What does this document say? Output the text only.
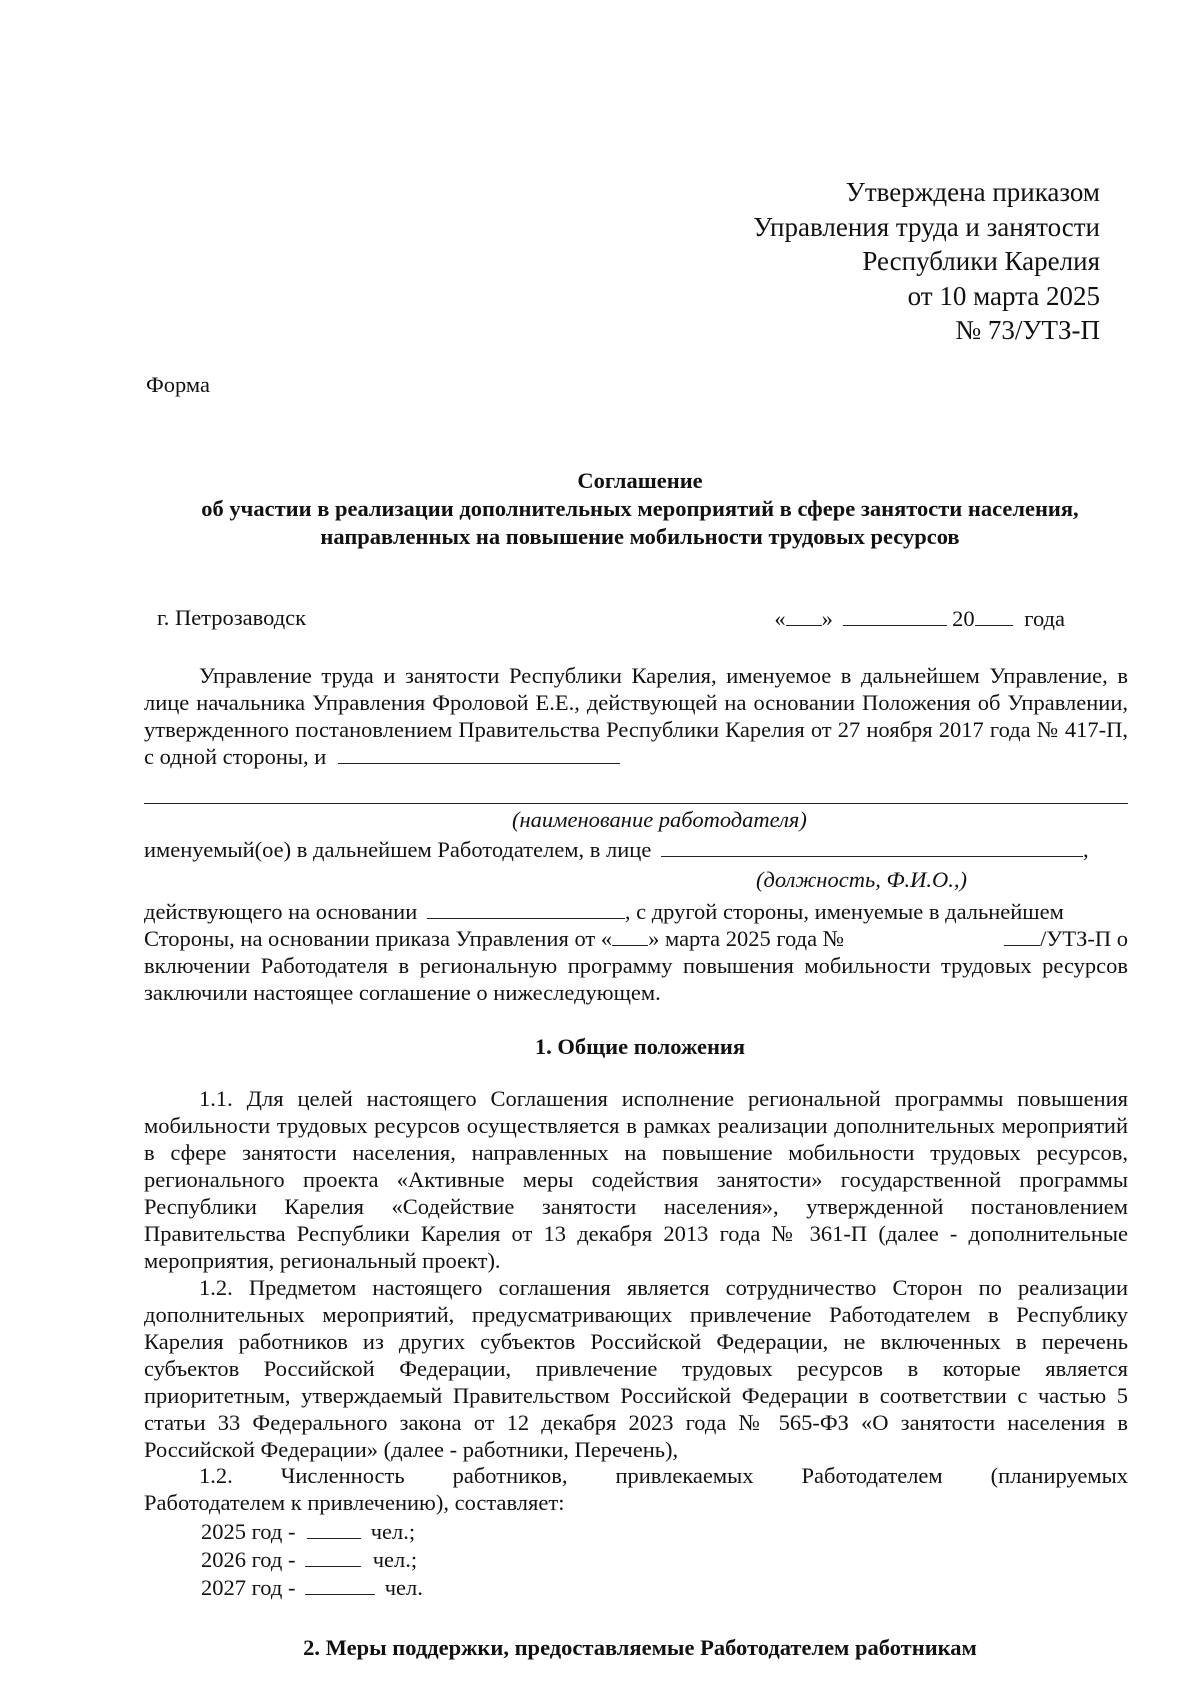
Утверждена приказом
Управления труда и занятости
Республики Карелия
от 10 марта 2025
№ 73/УТЗ-П
Форма
Соглашение
об участии в реализации дополнительных мероприятий в сфере занятости населения,
направленных на повышение мобильности трудовых ресурсов
г. Петрозаводск	« »	20 года

Управление труда и занятости Республики Карелия, именуемое в дальнейшем Управление, в лице начальника Управления Фроловой Е.Е., действующей на основании Положения об Управлении, утвержденного постановлением Правительства Республики Карелия от 27 ноября 2017 года № 417-П, с одной стороны, и

(наименование работодателя)
именуемый(ое) в дальнейшем Работодателем, в лице	,
(должность, Ф.И.О.,)
действующего на основании	, с другой стороны, именуемые в дальнейшем
Стороны, на основании приказа Управления от « » марта 2025 года №	/УТЗ-П о

включении Работодателя в региональную программу повышения мобильности трудовых ресурсов заключили настоящее соглашение о нижеследующем.

1. Общие положения

1.1. Для целей настоящего Соглашения исполнение региональной программы повышения мобильности трудовых ресурсов осуществляется в рамках реализации дополнительных мероприятий в сфере занятости населения, направленных на повышение мобильности трудовых ресурсов, регионального проекта «Активные меры содействия занятости» государственной программы Республики Карелия «Содействие занятости населения», утвержденной постановлением Правительства Республики Карелия от 13 декабря 2013 года № 361-П (далее - дополнительные мероприятия, региональный проект).

1.2. Предметом настоящего соглашения является сотрудничество Сторон по реализации дополнительных мероприятий, предусматривающих привлечение Работодателем в Республику Карелия работников из других субъектов Российской Федерации, не включенных в перечень субъектов Российской Федерации, привлечение трудовых ресурсов в которые является приоритетным, утверждаемый Правительством Российской Федерации в соответствии с частью 5 статьи 33 Федерального закона от 12 декабря 2023 года № 565-ФЗ «О занятости населения в Российской Федерации» (далее - работники, Перечень),

1.2.  Численность  работников,  привлекаемых  Работодателем  (планируемых
Работодателем к привлечению), составляет:
2025 год -	чел.;
2026 год -	чел.;
2027 год -	чел.
2. Меры поддержки, предоставляемые Работодателем работникам
